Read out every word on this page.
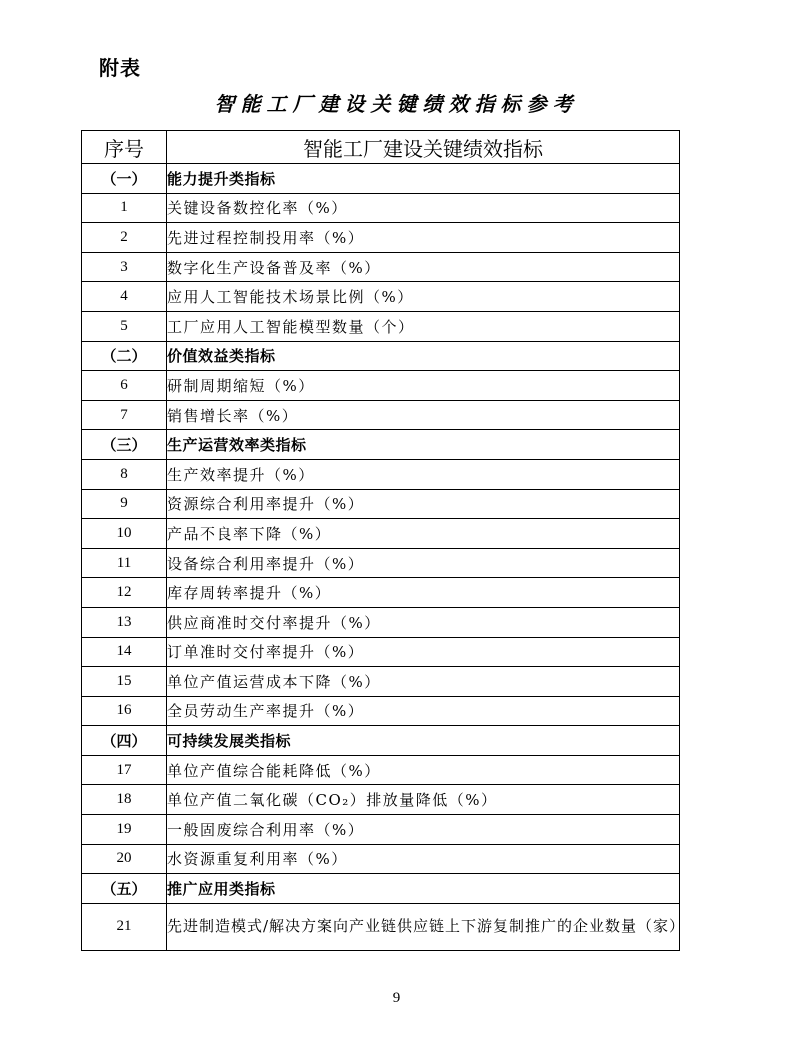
附表
智能工厂建设关键绩效指标参考
序号	智能工厂建设关键绩效指标
（一）	能力提升类指标
1	关键设备数控化率（%）
2	先进过程控制投用率（%）
3	数字化生产设备普及率（%）
4	应用人工智能技术场景比例（%）
5	工厂应用人工智能模型数量（个）
（二）	价值效益类指标
6	研制周期缩短（%）
7	销售增长率（%）
（三）	生产运营效率类指标
8	生产效率提升（%）
9	资源综合利用率提升（%）
10	产品不良率下降（%）
11	设备综合利用率提升（%）
12	库存周转率提升（%）
13	供应商准时交付率提升（%）
14	订单准时交付率提升（%）
15	单位产值运营成本下降（%）
16	全员劳动生产率提升（%）
（四）	可持续发展类指标
17	单位产值综合能耗降低（%）
18	单位产值二氧化碳（CO₂）排放量降低（%）
19	一般固废综合利用率（%）
20	水资源重复利用率（%）
（五）	推广应用类指标
21	先进制造模式/解决方案向产业链供应链上下游复制推广的企业数量（家）
9
